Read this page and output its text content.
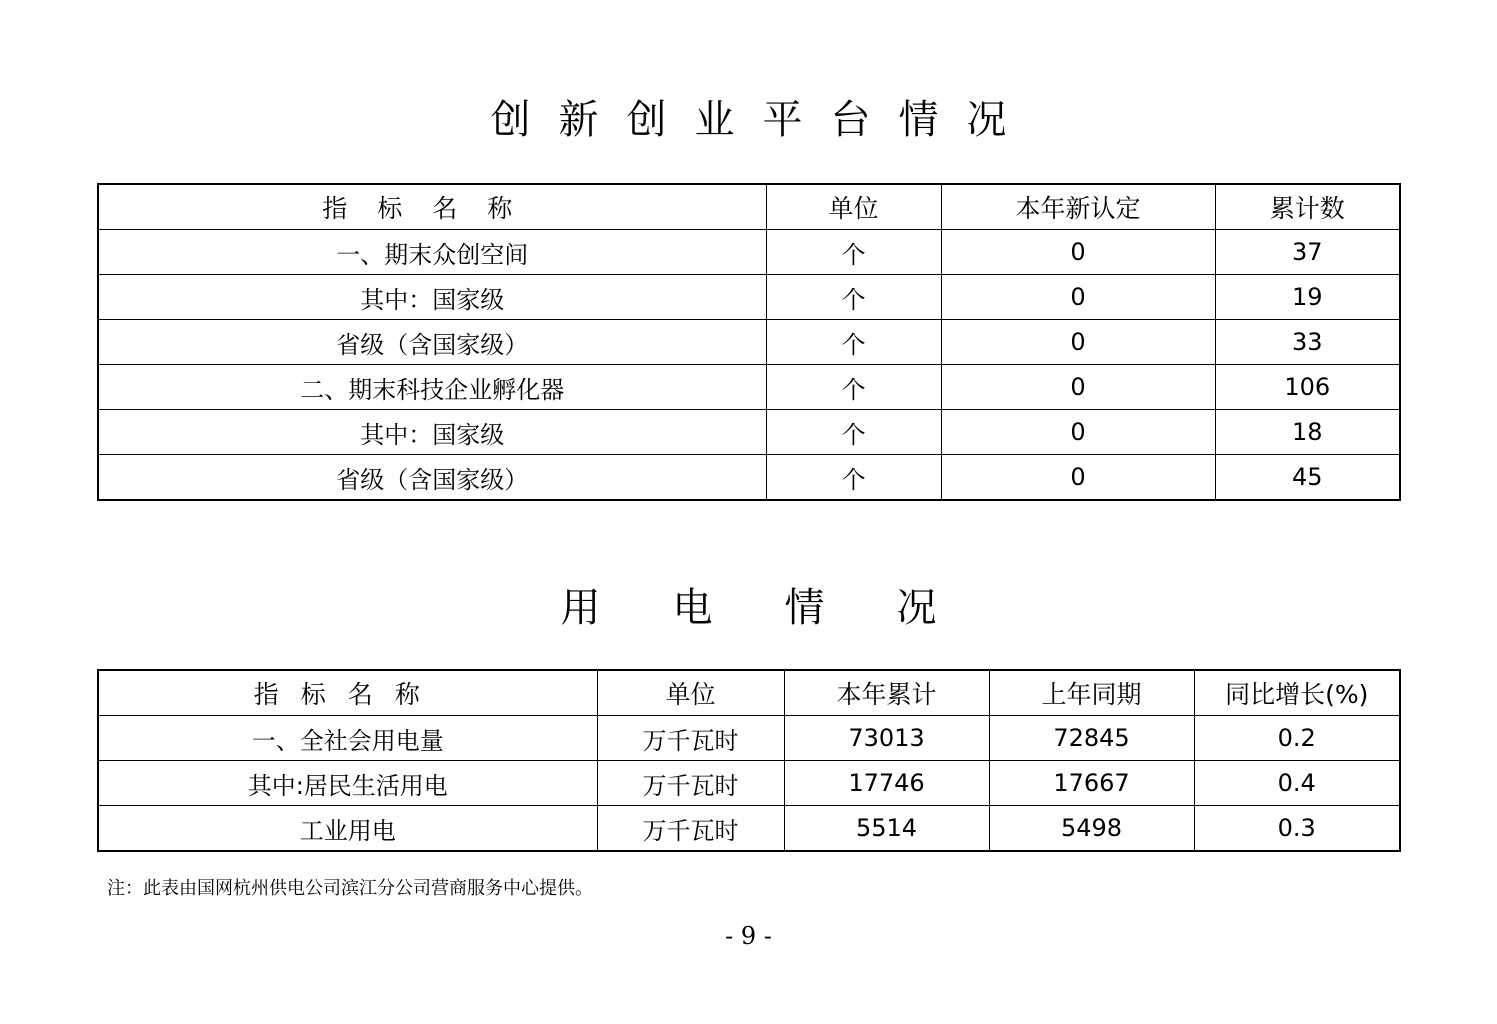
创新创业平台情况
指标名称	单位	本年新认定	累计数
一、期末众创空间	个	0	37
其中：国家级	个	0	19
省级（含国家级）	个	0	33
二、期末科技企业孵化器	个	0	106
其中：国家级	个	0	18
省级（含国家级）	个	0	45
用电情况
指标名称	单位	本年累计	上年同期	同比增长(%)
一、全社会用电量	万千瓦时	73013	72845	0.2
其中:居民生活用电	万千瓦时	17746	17667	0.4
工业用电	万千瓦时	5514	5498	0.3
注：此表由国网杭州供电公司滨江分公司营商服务中心提供。
- 9 -
